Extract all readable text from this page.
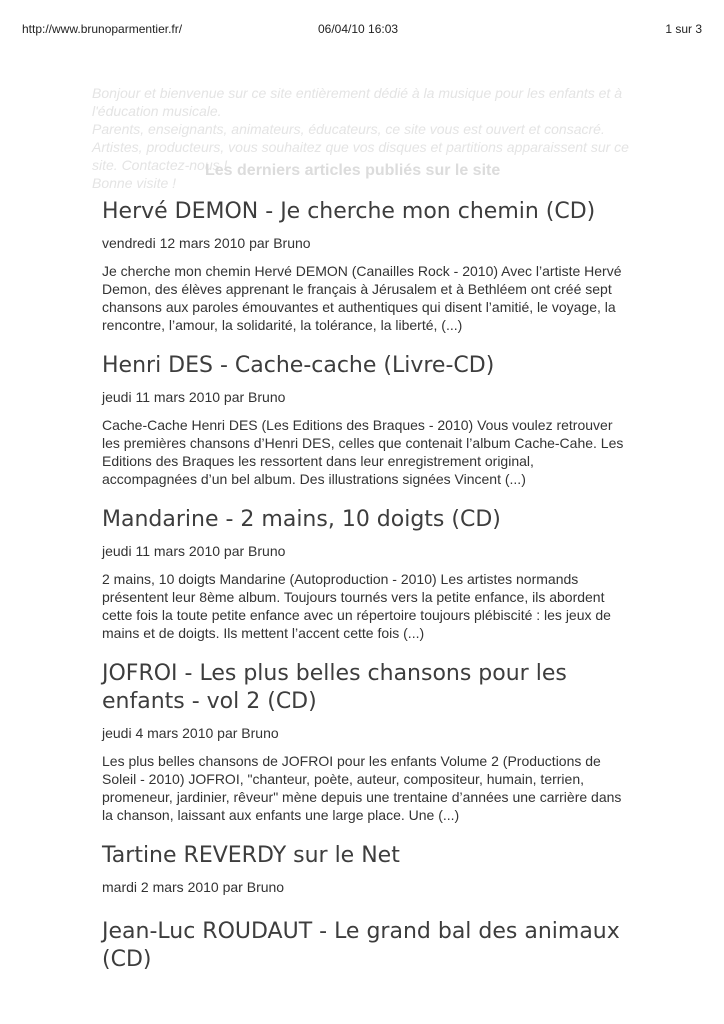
http://www.brunoparmentier.fr/	06/04/10 16:03	1 sur 3

Bonjour et bienvenue sur ce site entièrement dédié à la musique pour les enfants et à l'éducation musicale.

Parents, enseignants, animateurs, éducateurs, ce site vous est ouvert et consacré.

Artistes, producteurs, vous souhaitez que vos disques et partitions apparaissent sur ce site. Contactez-nous !

Bonne visite !

Les derniers articles publiés sur le site
Hervé DEMON - Je cherche mon chemin (CD)

vendredi 12 mars 2010 par Bruno

Je cherche mon chemin Hervé DEMON (Canailles Rock - 2010) Avec l’artiste Hervé Demon, des élèves apprenant le français à Jérusalem et à Bethléem ont créé sept chansons aux paroles émouvantes et authentiques qui disent l’amitié, le voyage, la rencontre, l’amour, la solidarité, la tolérance, la liberté, (...)

Henri DES - Cache-cache (Livre-CD)

jeudi 11 mars 2010 par Bruno

Cache-Cache Henri DES (Les Editions des Braques - 2010) Vous voulez retrouver les premières chansons d’Henri DES, celles que contenait l’album Cache-Cahe. Les Editions des Braques les ressortent dans leur enregistrement original, accompagnées d’un bel album. Des illustrations signées Vincent (...)

Mandarine - 2 mains, 10 doigts (CD)

jeudi 11 mars 2010 par Bruno

2 mains, 10 doigts Mandarine (Autoproduction - 2010) Les artistes normands présentent leur 8ème album. Toujours tournés vers la petite enfance, ils abordent cette fois la toute petite enfance avec un répertoire toujours plébiscité : les jeux de mains et de doigts. Ils mettent l’accent cette fois (...)

JOFROI - Les plus belles chansons pour les enfants - vol 2 (CD)

jeudi 4 mars 2010 par Bruno

Les plus belles chansons de JOFROI pour les enfants Volume 2 (Productions de Soleil - 2010) JOFROI, "chanteur, poète, auteur, compositeur, humain, terrien, promeneur, jardinier, rêveur" mène depuis une trentaine d’années une carrière dans la chanson, laissant aux enfants une large place. Une (...)

Tartine REVERDY sur le Net

mardi 2 mars 2010 par Bruno

Jean-Luc ROUDAUT - Le grand bal des animaux (CD)
